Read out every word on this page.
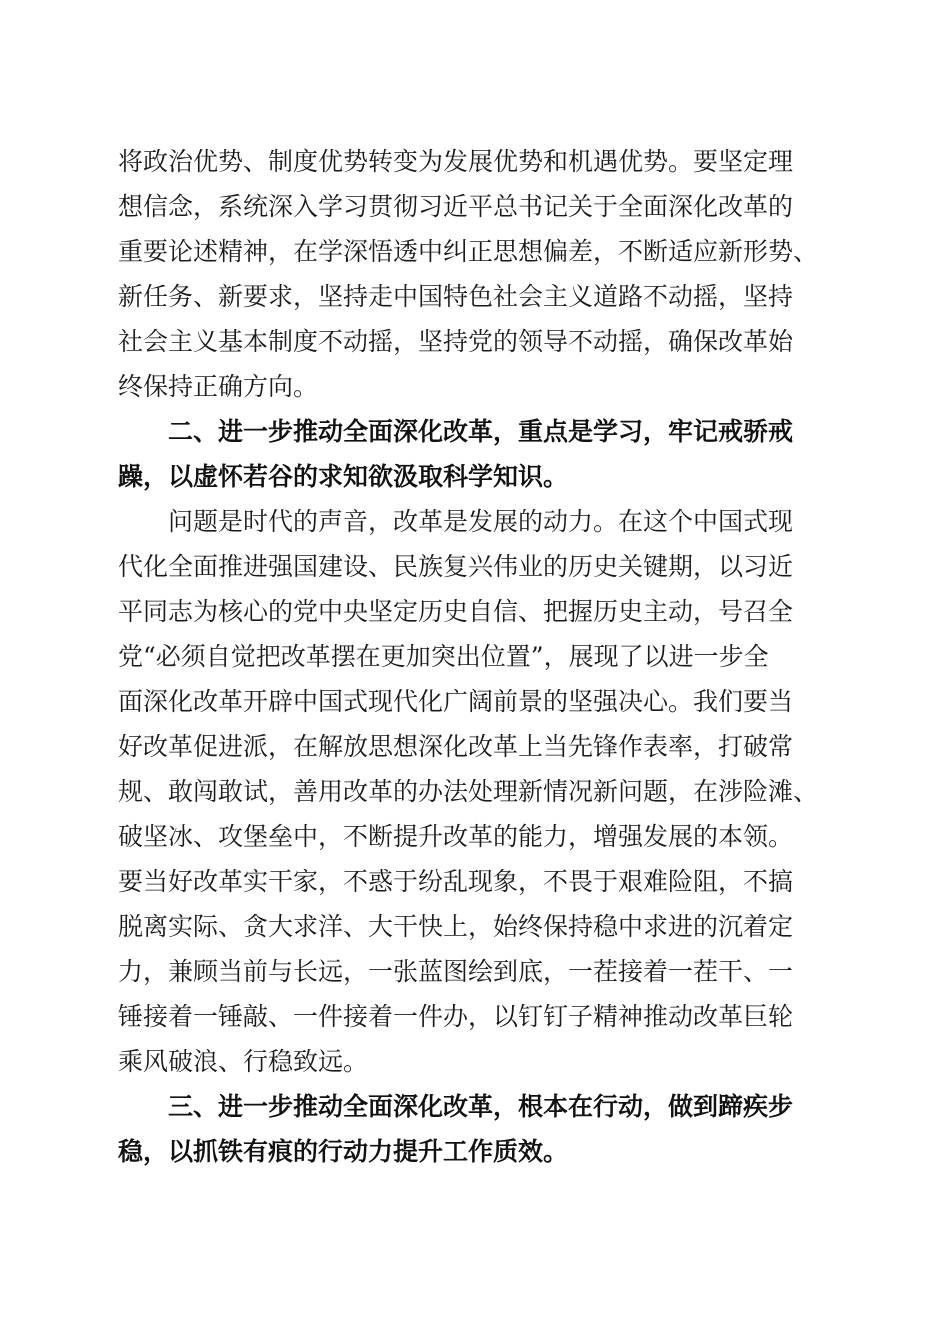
将政治优势、制度优势转变为发展优势和机遇优势。要坚定理
想信念，系统深入学习贯彻习近平总书记关于全面深化改革的
重要论述精神，在学深悟透中纠正思想偏差，不断适应新形势、
新任务、新要求，坚持走中国特色社会主义道路不动摇，坚持
社会主义基本制度不动摇，坚持党的领导不动摇，确保改革始
终保持正确方向。
二、进一步推动全面深化改革，重点是学习，牢记戒骄戒
躁，以虚怀若谷的求知欲汲取科学知识。
问题是时代的声音，改革是发展的动力。在这个中国式现
代化全面推进强国建设、民族复兴伟业的历史关键期，以习近
平同志为核心的党中央坚定历史自信、把握历史主动，号召全
党“必须自觉把改革摆在更加突出位置”，展现了以进一步全
面深化改革开辟中国式现代化广阔前景的坚强决心。我们要当
好改革促进派，在解放思想深化改革上当先锋作表率，打破常
规、敢闯敢试，善用改革的办法处理新情况新问题，在涉险滩、
破坚冰、攻堡垒中，不断提升改革的能力，增强发展的本领。
要当好改革实干家，不惑于纷乱现象，不畏于艰难险阻，不搞
脱离实际、贪大求洋、大干快上，始终保持稳中求进的沉着定
力，兼顾当前与长远，一张蓝图绘到底，一茬接着一茬干、一
锤接着一锤敲、一件接着一件办，以钉钉子精神推动改革巨轮
乘风破浪、行稳致远。
三、进一步推动全面深化改革，根本在行动，做到蹄疾步
稳，以抓铁有痕的行动力提升工作质效。
